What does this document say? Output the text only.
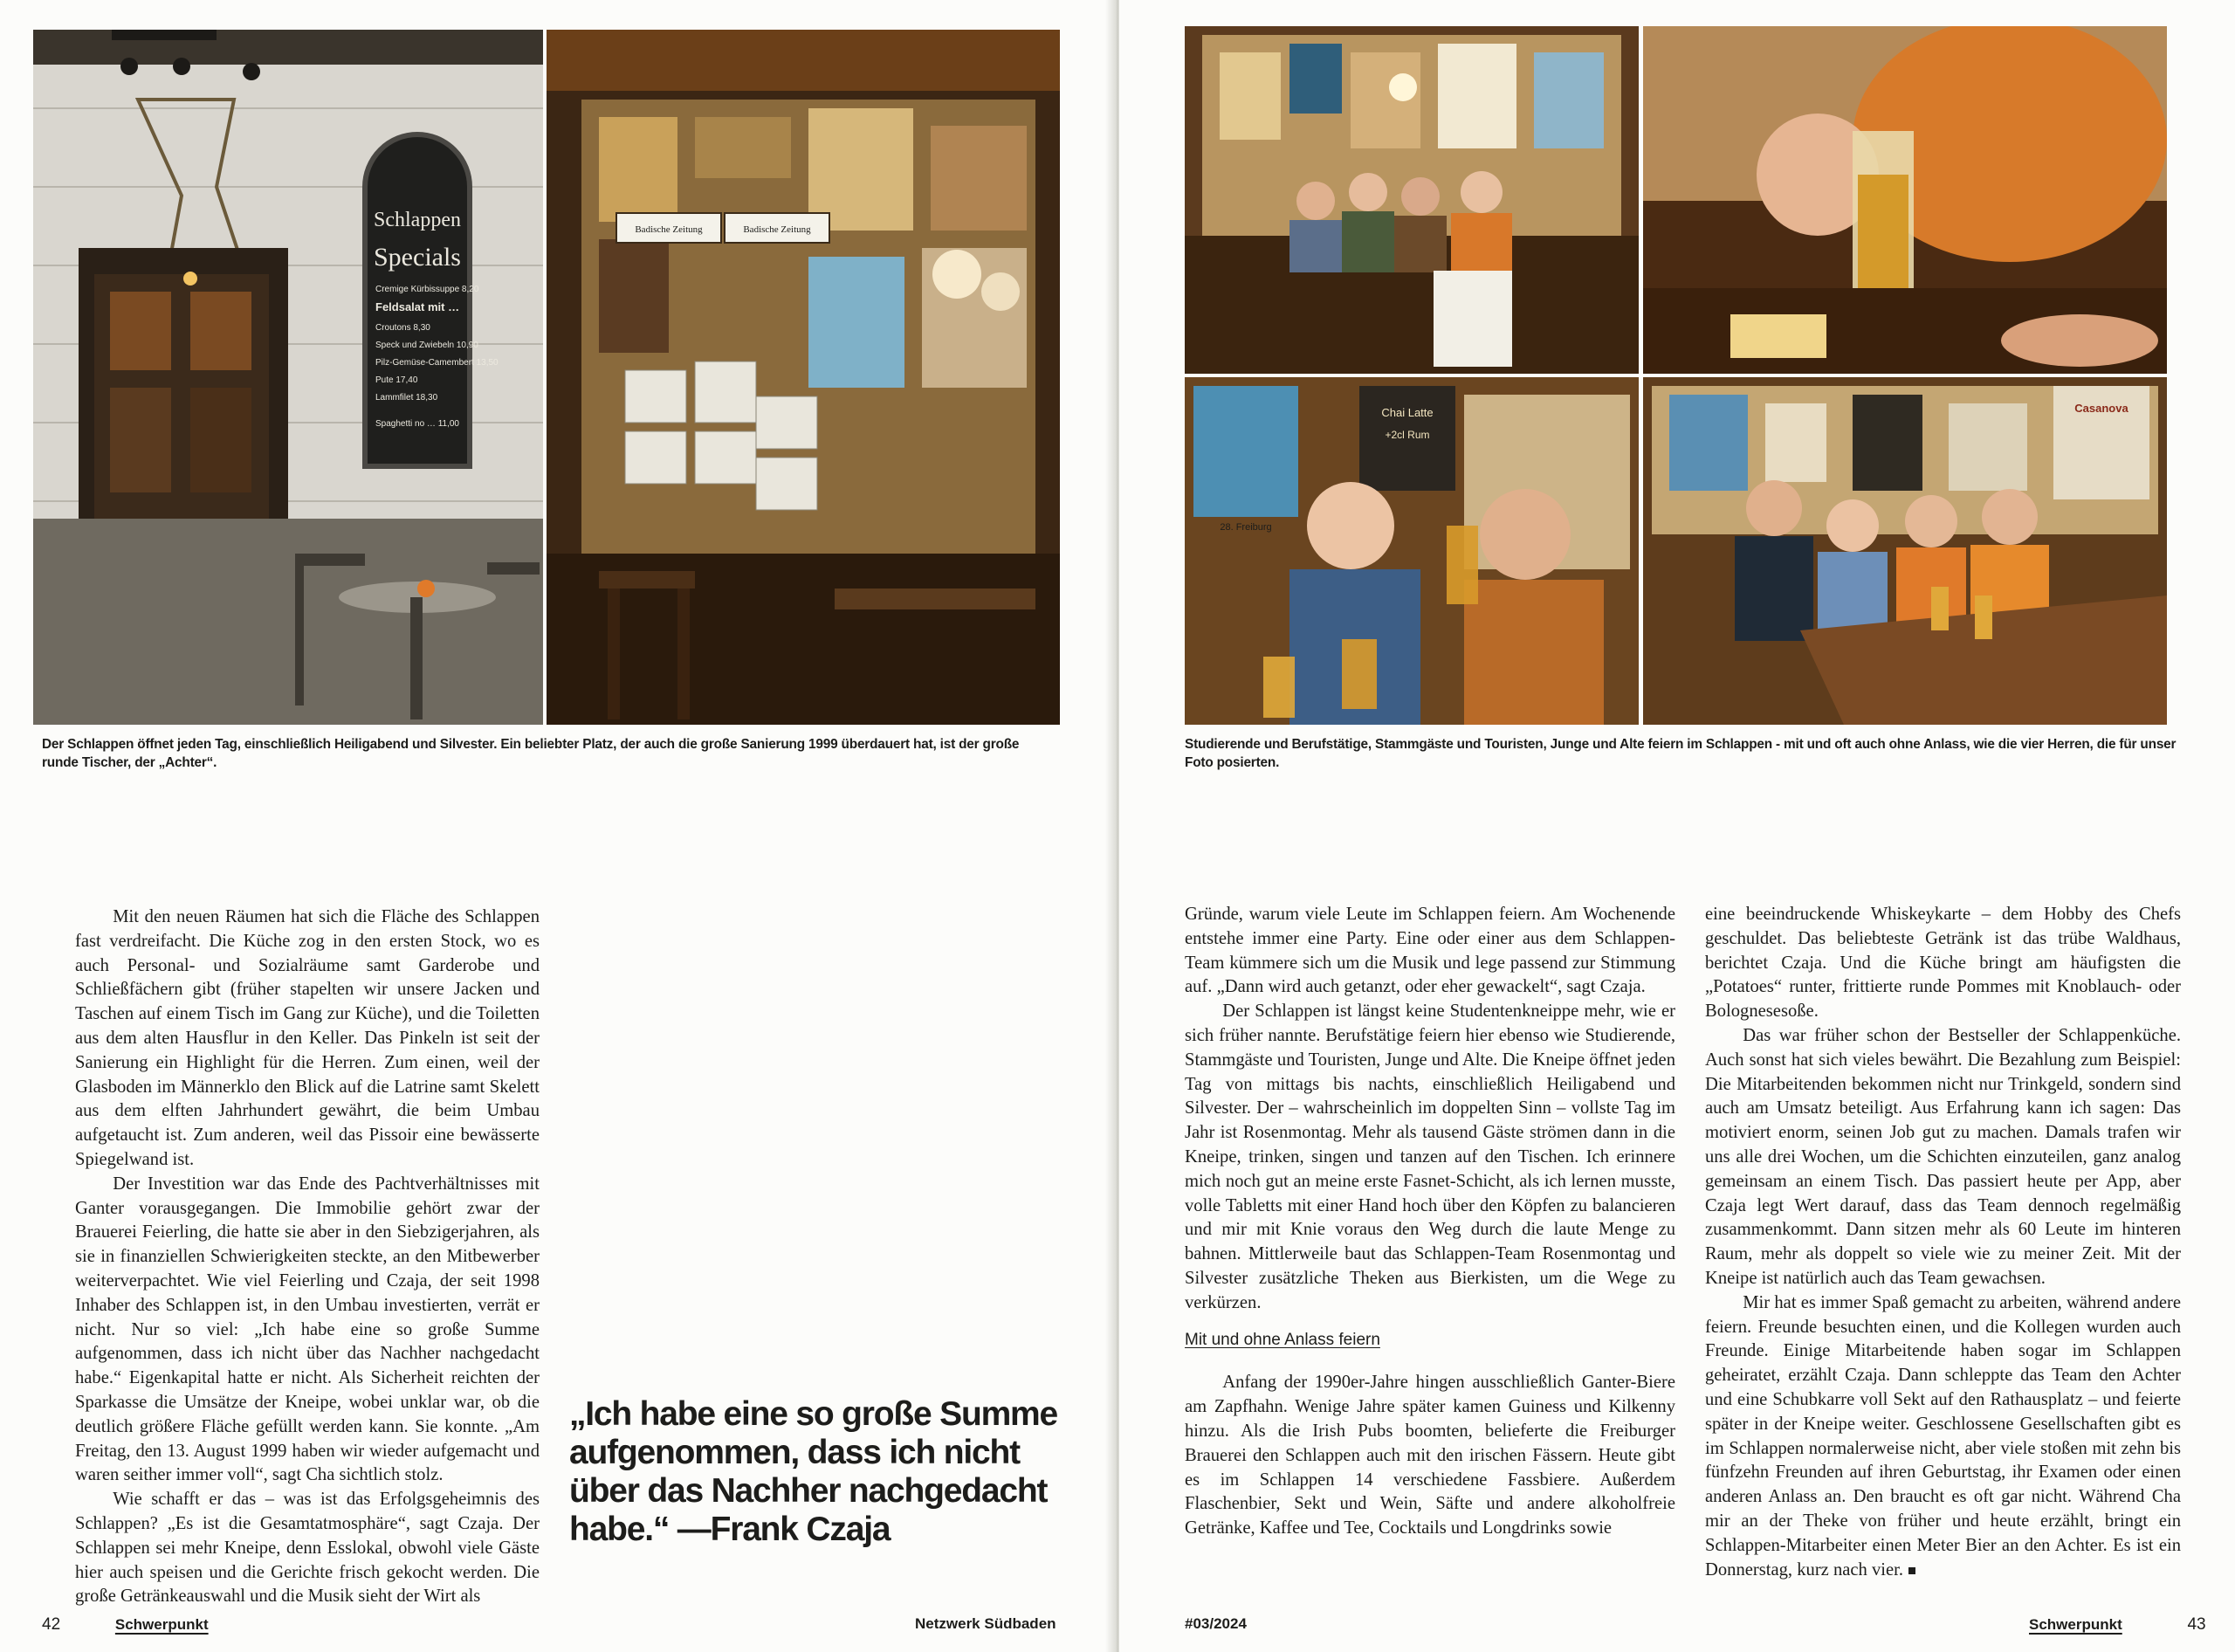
Schlappen
Specials
Cremige Kürbissuppe 8,20
Feldsalat mit …
Croutons 8,30
Speck und Zwiebeln 10,90
Pilz-Gemüse-Camembert 13,50
Pute 17,40
Lammfilet 18,30
Spaghetti no … 11,00
Badische Zeitung	Badische Zeitung
Der Schlappen öffnet jeden Tag, einschließlich Heiligabend und Silvester. Ein beliebter Platz, der auch die große Sanierung 1999 überdauert hat, ist der große runde Tischer, der „Achter“.

Mit den neuen Räumen hat sich die Fläche des Schlappen fast verdreifacht. Die Küche zog in den ersten Stock, wo es auch Personal- und Sozialräume samt Garderobe und Schließfächern gibt (früher stapelten wir unsere Jacken und Taschen auf einem Tisch im Gang zur Küche), und die Toiletten aus dem alten Hausflur in den Keller. Das Pinkeln ist seit der Sanierung ein Highlight für die Herren. Zum einen, weil der Glasboden im Männerklo den Blick auf die Latrine samt Skelett aus dem elften Jahrhundert gewährt, die beim Umbau aufgetaucht ist. Zum anderen, weil das Pissoir eine bewässerte Spiegelwand ist.

Der Investition war das Ende des Pachtverhältnisses mit Ganter vorausgegangen. Die Immobilie gehört zwar der Brauerei Feierling, die hatte sie aber in den Siebzigerjahren, als sie in finanziellen Schwierigkeiten steckte, an den Mitbewerber weiterverpachtet. Wie viel Feierling und Czaja, der seit 1998 Inhaber des Schlappen ist, in den Umbau investierten, verrät er nicht. Nur so viel: „Ich habe eine so große Summe aufgenommen, dass ich nicht über das Nachher nachgedacht habe.“ Eigenkapital hatte er nicht. Als Sicherheit reichten der Sparkasse die Umsätze der Kneipe, wobei unklar war, ob die deutlich größere Fläche gefüllt werden kann. Sie konnte. „Am Freitag, den 13. August 1999 haben wir wieder aufgemacht und waren seither immer voll“, sagt Cha sichtlich stolz.

Wie schafft er das – was ist das Erfolgsgeheimnis des Schlappen? „Es ist die Gesamtatmosphäre“, sagt Czaja. Der Schlappen sei mehr Kneipe, denn Esslokal, obwohl viele Gäste hier auch speisen und die Gerichte frisch gekocht werden. Die große Getränkeauswahl und die Musik sieht der Wirt als

„Ich habe eine so große Summe aufgenommen, dass ich nicht über das Nachher nachgedacht habe.“ —Frank Czaja
42	Schwerpunkt	Netzwerk Südbaden
Chai Latte
+2cl Rum
28. Freiburg
Casanova
Studierende und Berufstätige, Stammgäste und Touristen, Junge und Alte feiern im Schlappen - mit und oft auch ohne Anlass, wie die vier Herren, die für unser Foto posierten.

Gründe, warum viele Leute im Schlappen feiern. Am Wochenende entstehe immer eine Party. Eine oder einer aus dem Schlappen-Team kümmere sich um die Musik und lege passend zur Stimmung auf. „Dann wird auch getanzt, oder eher gewackelt“, sagt Czaja.

Der Schlappen ist längst keine Studentenkneippe mehr, wie er sich früher nannte. Berufstätige feiern hier ebenso wie Studierende, Stammgäste und Touristen, Junge und Alte. Die Kneipe öffnet jeden Tag von mittags bis nachts, einschließlich Heiligabend und Silvester. Der – wahrscheinlich im doppelten Sinn – vollste Tag im Jahr ist Rosenmontag. Mehr als tausend Gäste strömen dann in die Kneipe, trinken, singen und tanzen auf den Tischen. Ich erinnere mich noch gut an meine erste Fasnet-Schicht, als ich lernen musste, volle Tabletts mit einer Hand hoch über den Köpfen zu balancieren und mir mit Knie voraus den Weg durch die laute Menge zu bahnen. Mittlerweile baut das Schlappen-Team Rosenmontag und Silvester zusätzliche Theken aus Bierkisten, um die Wege zu verkürzen.

Mit und ohne Anlass feiern

Anfang der 1990er-Jahre hingen ausschließlich Ganter-Biere am Zapfhahn. Wenige Jahre später kamen Guiness und Kilkenny hinzu. Als die Irish Pubs boomten, belieferte die Freiburger Brauerei den Schlappen auch mit den irischen Fässern. Heute gibt es im Schlappen 14 verschiedene Fassbiere. Außerdem Flaschenbier, Sekt und Wein, Säfte und andere alkoholfreie Getränke, Kaffee und Tee, Cocktails und Longdrinks sowie

eine beeindruckende Whiskeykarte – dem Hobby des Chefs geschuldet. Das beliebteste Getränk ist das trübe Waldhaus, berichtet Czaja. Und die Küche bringt am häufigsten die „Potatoes“ runter, frittierte runde Pommes mit Knoblauch- oder Bolognesesoße.

Das war früher schon der Bestseller der Schlappenküche. Auch sonst hat sich vieles bewährt. Die Bezahlung zum Beispiel: Die Mitarbeitenden bekommen nicht nur Trinkgeld, sondern sind auch am Umsatz beteiligt. Aus Erfahrung kann ich sagen: Das motiviert enorm, seinen Job gut zu machen. Damals trafen wir uns alle drei Wochen, um die Schichten einzuteilen, ganz analog gemeinsam an einem Tisch. Das passiert heute per App, aber Czaja legt Wert darauf, dass das Team dennoch regelmäßig zusammenkommt. Dann sitzen mehr als 60 Leute im hinteren Raum, mehr als doppelt so viele wie zu meiner Zeit. Mit der Kneipe ist natürlich auch das Team gewachsen.

Mir hat es immer Spaß gemacht zu arbeiten, während andere feiern. Freunde besuchten einen, und die Kollegen wurden auch Freunde. Einige Mitarbeitende haben sogar im Schlappen geheiratet, erzählt Czaja. Dann schleppte das Team den Achter und eine Schubkarre voll Sekt auf den Rathausplatz – und feierte später in der Kneipe weiter. Geschlossene Gesellschaften gibt es im Schlappen normalerweise nicht, aber viele stoßen mit zehn bis fünfzehn Freunden auf ihren Geburtstag, ihr Examen oder einen anderen Anlass an. Den braucht es oft gar nicht. Während Cha mir an der Theke von früher und heute erzählt, bringt ein Schlappen-Mitarbeiter einen Meter Bier an den Achter. Es ist ein Donnerstag, kurz nach vier.

#03/2024	Schwerpunkt	43
